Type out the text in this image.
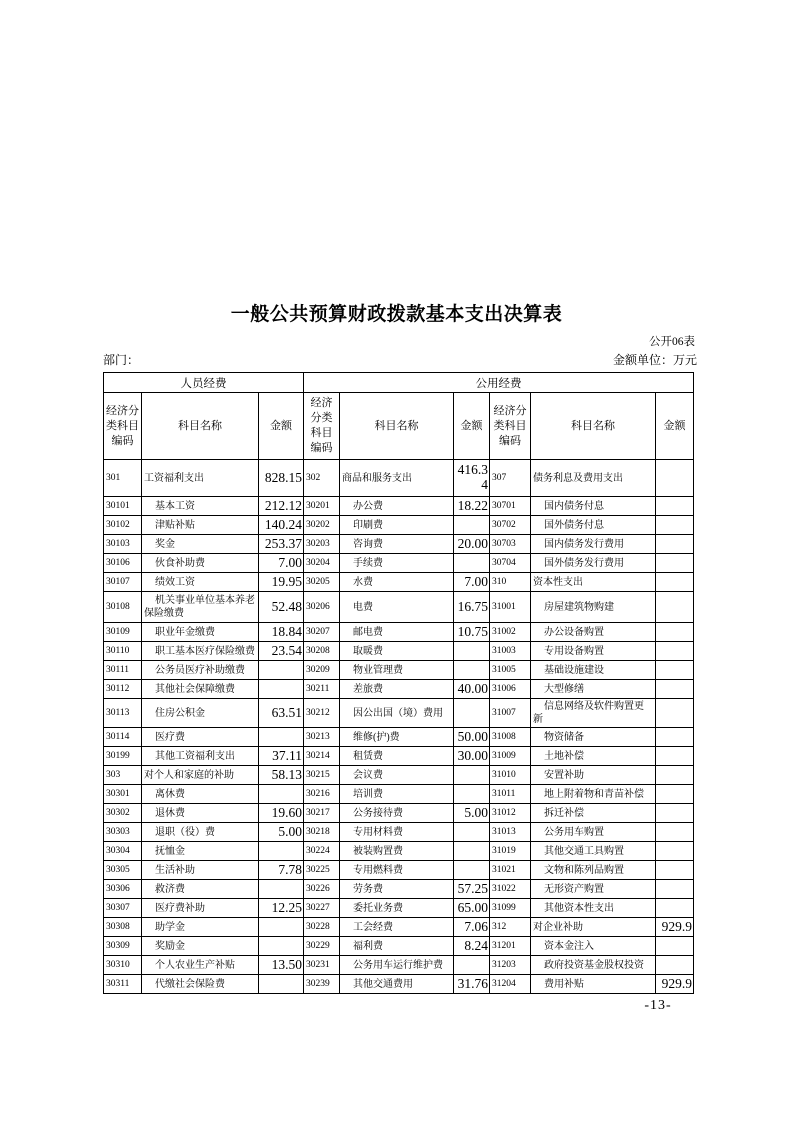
一般公共预算财政拨款基本支出决算表
公开06表
部门：	金额单位：万元
人员经费			公用经费					
经济分类科目编码	科目名称	金额	经济分类科目编码	科目名称	金额	经济分类科目编码	科目名称	金额
301	工资福利支出	828.15	302	商品和服务支出	416.34	307	债务利息及费用支出	
30101	基本工资	212.12	30201	办公费	18.22	30701	国内债务付息	
30102	津贴补贴	140.24	30202	印刷费		30702	国外债务付息	
30103	奖金	253.37	30203	咨询费	20.00	30703	国内债务发行费用	
30106	伙食补助费	7.00	30204	手续费		30704	国外债务发行费用	
30107	绩效工资	19.95	30205	水费	7.00	310	资本性支出	
30108	机关事业单位基本养老保险缴费	52.48	30206	电费	16.75	31001	房屋建筑物购建	
30109	职业年金缴费	18.84	30207	邮电费	10.75	31002	办公设备购置	
30110	职工基本医疗保险缴费	23.54	30208	取暖费		31003	专用设备购置	
30111	公务员医疗补助缴费		30209	物业管理费		31005	基础设施建设	
30112	其他社会保障缴费		30211	差旅费	40.00	31006	大型修缮	
30113	住房公积金	63.51	30212	因公出国（境）费用		31007	信息网络及软件购置更新	
30114	医疗费		30213	维修(护)费	50.00	31008	物资储备	
30199	其他工资福利支出	37.11	30214	租赁费	30.00	31009	土地补偿	
303	对个人和家庭的补助	58.13	30215	会议费		31010	安置补助	
30301	离休费		30216	培训费		31011	地上附着物和青苗补偿	
30302	退休费	19.60	30217	公务接待费	5.00	31012	拆迁补偿	
30303	退职（役）费	5.00	30218	专用材料费		31013	公务用车购置	
30304	抚恤金		30224	被装购置费		31019	其他交通工具购置	
30305	生活补助	7.78	30225	专用燃料费		31021	文物和陈列品购置	
30306	救济费		30226	劳务费	57.25	31022	无形资产购置	
30307	医疗费补助	12.25	30227	委托业务费	65.00	31099	其他资本性支出	
30308	助学金		30228	工会经费	7.06	312	对企业补助	929.9
30309	奖励金		30229	福利费	8.24	31201	资本金注入	
30310	个人农业生产补贴	13.50	30231	公务用车运行维护费		31203	政府投资基金股权投资	
30311	代缴社会保险费		30239	其他交通费用	31.76	31204	费用补贴	929.9
-13-
